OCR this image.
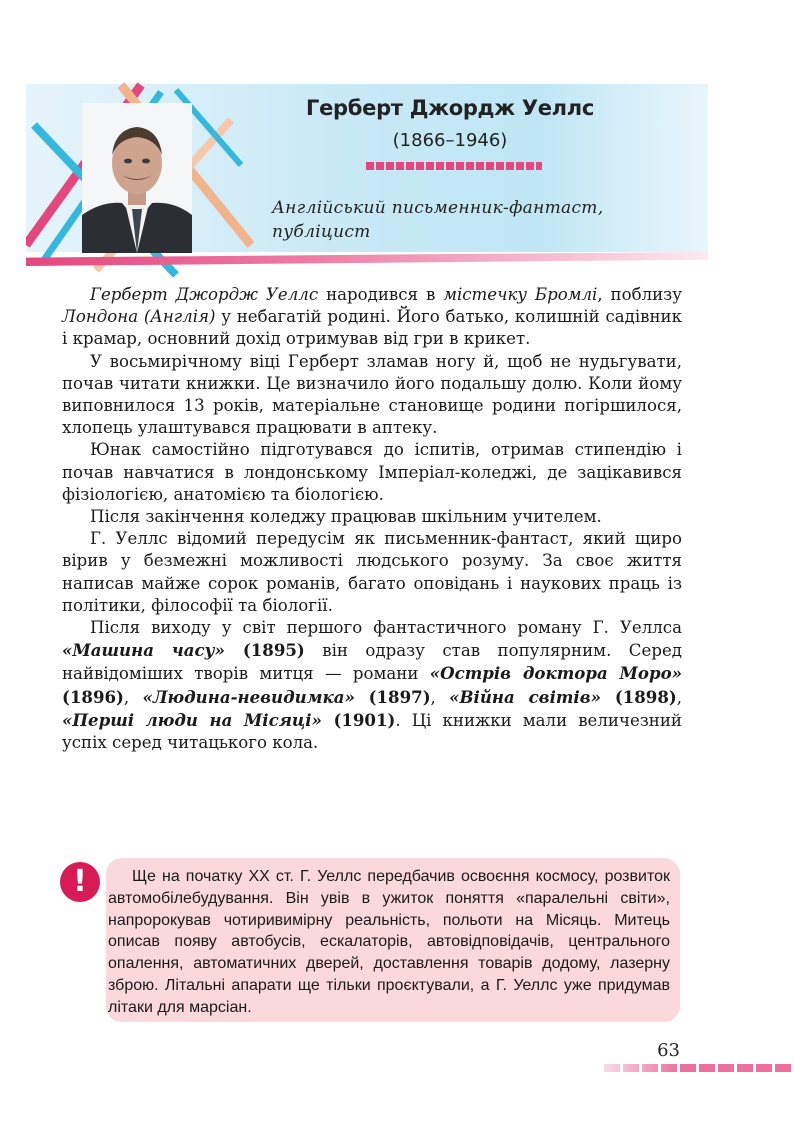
Герберт Джордж Уеллс
(1866–1946)
Англійський письменник-фантаст, публіцист

Герберт Джордж Уеллс народився в містечку Бромлі, поблизу Лондона (Англія) у небагатій родині. Його батько, колишній садівник і крамар, основний дохід отримував від гри в крикет.

У восьмирічному віці Герберт зламав ногу й, щоб не нудьгувати, почав читати книжки. Це визначило його подальшу долю. Коли йому виповнилося 13 років, матеріальне становище родини погіршилося, хлопець улаштувався працювати в аптеку.

Юнак самостійно підготувався до іспитів, отримав стипендію і почав навчатися в лондонському Імперіал-коледжі, де зацікавився фізіологією, анатомією та біологією.

Після закінчення коледжу працював шкільним учителем.

Г. Уеллс відомий передусім як письменник-фантаст, який щиро вірив у безмежні можливості людського розуму. За своє життя написав майже сорок романів, багато оповідань і наукових праць із політики, філософії та біології.

Після виходу у світ першого фантастичного роману Г. Уеллса «Машина часу» (1895) він одразу став популярним. Серед найвідоміших творів митця — романи «Острів доктора Моро» (1896), «Людина-невидимка» (1897), «Війна світів» (1898), «Перші люди на Місяці» (1901). Ці книжки мали величезний успіх серед читацького кола.

!	Ще на початку XX ст. Г. Уеллс передбачив освоєння космосу, розвиток автомобілебудування. Він увів в ужиток поняття «паралельні світи», напророкував чотиривимірну реальність, польоти на Місяць. Митець описав появу автобусів, ескалаторів, автовідповідачів, центрального опалення, автоматичних дверей, доставлення товарів додому, лазерну зброю. Літальні апарати ще тільки проєктували, а Г. Уеллс уже придумав літаки для марсіан.

63
